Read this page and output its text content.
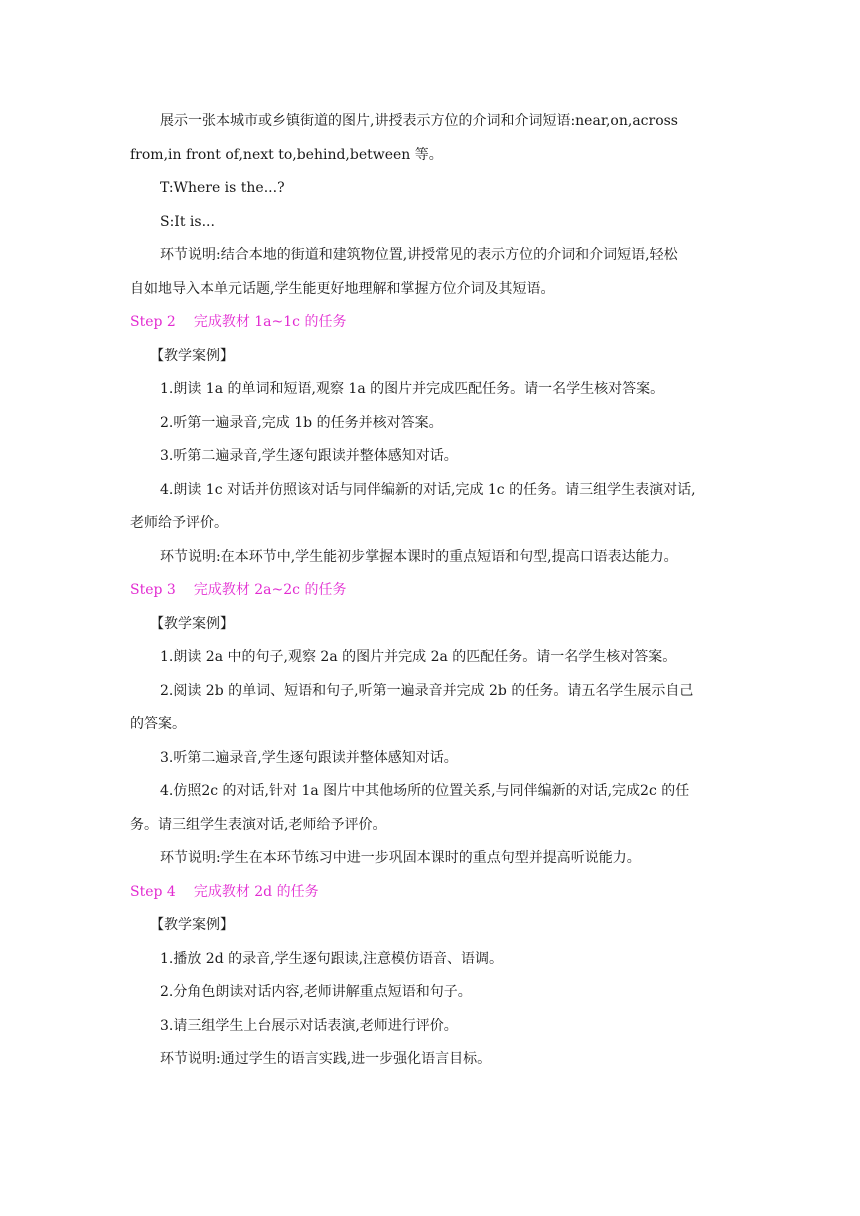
展示一张本城市或乡镇街道的图片,讲授表示方位的介词和介词短语:near,on,across

from,in front of,next to,behind,between 等。

T:Where is the...?

S:It is...

环节说明:结合本地的街道和建筑物位置,讲授常见的表示方位的介词和介词短语,轻松

自如地导入本单元话题,学生能更好地理解和掌握方位介词及其短语。

Step 2 完成教材 1a~1c 的任务

【教学案例】

1.朗读 1a 的单词和短语,观察 1a 的图片并完成匹配任务。请一名学生核对答案。

2.听第一遍录音,完成 1b 的任务并核对答案。

3.听第二遍录音,学生逐句跟读并整体感知对话。

4.朗读 1c 对话并仿照该对话与同伴编新的对话,完成 1c 的任务。请三组学生表演对话,

老师给予评价。

环节说明:在本环节中,学生能初步掌握本课时的重点短语和句型,提高口语表达能力。

Step 3 完成教材 2a~2c 的任务

【教学案例】

1.朗读 2a 中的句子,观察 2a 的图片并完成 2a 的匹配任务。请一名学生核对答案。

2.阅读 2b 的单词、短语和句子,听第一遍录音并完成 2b 的任务。请五名学生展示自己

的答案。

3.听第二遍录音,学生逐句跟读并整体感知对话。

4.仿照2c 的对话,针对 1a 图片中其他场所的位置关系,与同伴编新的对话,完成2c 的任

务。请三组学生表演对话,老师给予评价。

环节说明:学生在本环节练习中进一步巩固本课时的重点句型并提高听说能力。

Step 4 完成教材 2d 的任务

【教学案例】

1.播放 2d 的录音,学生逐句跟读,注意模仿语音、语调。

2.分角色朗读对话内容,老师讲解重点短语和句子。

3.请三组学生上台展示对话表演,老师进行评价。

环节说明:通过学生的语言实践,进一步强化语言目标。
